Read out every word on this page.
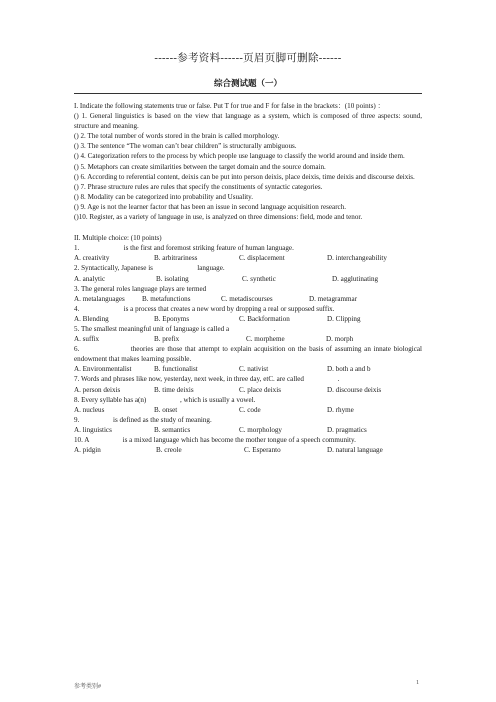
------参考资料------页眉页脚可删除------
综合测试题（一）

I. Indicate the following statements true or false. Put T for true and F for false in the brackets：(10 points) ：

() 1. General linguistics is based on the view that language as a system, which is composed of three aspects: sound, structure and meaning.

() 2. The total number of words stored in the brain is called morphology.

() 3. The sentence “The woman can’t bear children” is structurally ambiguous.

() 4. Categorization refers to the process by which people use language to classify the world around and inside them.

() 5. Metaphors can create similarities between the target domain and the source domain.

() 6. According to referential content, deixis can be put into person deixis, place deixis, time deixis and discourse deixis.

() 7. Phrase structure rules are rules that specify the constituents of syntactic categories.

() 8. Modality can be categorized into probability and Usuality.

() 9. Age is not the learner factor that has been an issue in second language acquisition research.

()10. Register, as a variety of language in use, is analyzed on three dimensions: field, mode and tenor.

II. Multiple choice: (10 points)

1.                         is the first and foremost striking feature of human language.

A. creativity	B. arbitrariness	C. displacement	D. interchangeability

2. Syntactically, Japanese is                         language.

A. analytic	B. isolating	C. synthetic	D. agglutinating

3. The general roles language plays are termed

A. metalanguages	B. metafunctions	C. metadiscourses	D. metagrammar

4.                         is a process that creates a new word by dropping a real or supposed suffix.

A. Blending	B. Eponyms	C. Backformation	D. Clipping

5. The smallest meaningful unit of language is called a                         .

A. suffix	B. prefix	C. morpheme	D. morph

6.                   theories are those that attempt to explain acquisition on the basis of assuming an innate biological endowment that makes learning possible.

A. Environmentalist	B. functionalist	C. nativist	D. both a and b

7. Words and phrases like now, yesterday, next week, in three day, etC. are called                   .

A. person deixis	B. time deixis	C. place deixis	D. discourse deixis

8. Every syllable has a(n)                   , which is usually a vowel.

A. nucleus	B. onset	C. code	D. rhyme

9.                   is defined as the study of meaning.

A. linguistics	B. semantics	C. morphology	D. pragmatics

10. A                   is a mixed language which has become the mother tongue of a speech community.

A. pidgin	B. creole	C. Esperanto	D. natural language
参考类别#
1
